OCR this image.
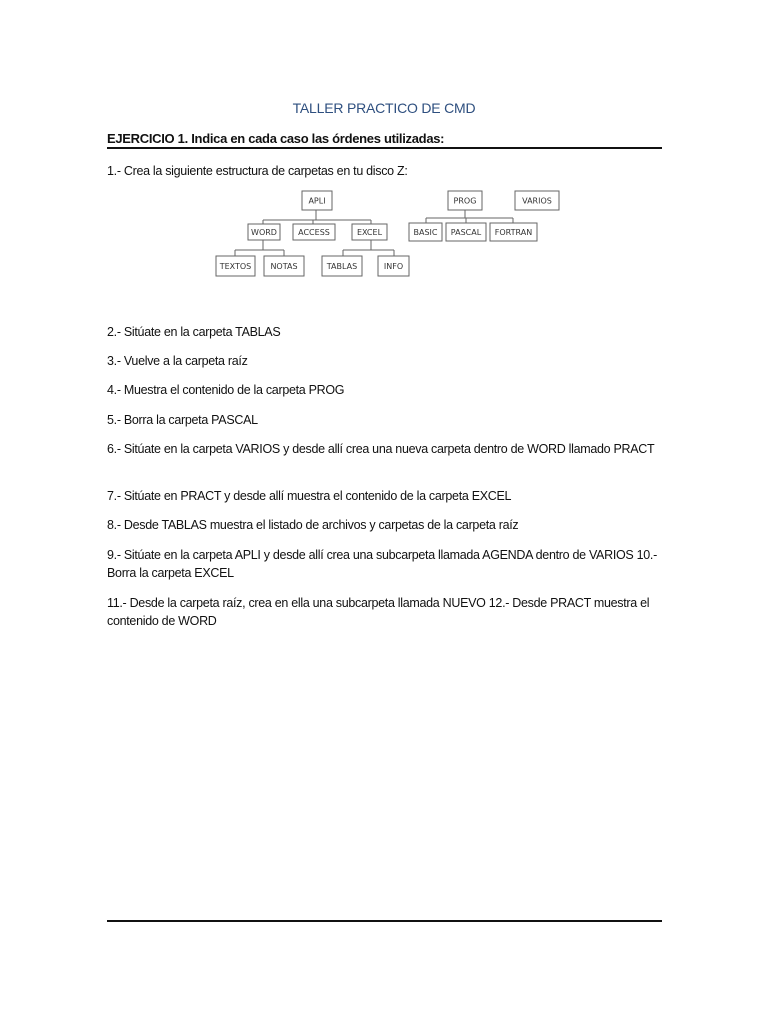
TALLER PRACTICO DE CMD
EJERCICIO 1. Indica en cada caso las órdenes utilizadas:
1.- Crea la siguiente estructura de carpetas en tu disco Z:
APLI	PROG	VARIOS
WORD	ACCESS	EXCEL	BASIC PASCAL FORTRAN
TEXTOS NOTAS	TABLAS	INFO
2.- Sitúate en la carpeta TABLAS
3.- Vuelve a la carpeta raíz
4.- Muestra el contenido de la carpeta PROG
5.- Borra la carpeta PASCAL
6.- Sitúate en la carpeta VARIOS y desde allí crea una nueva carpeta dentro de WORD llamado PRACT
7.- Sitúate en PRACT y desde allí muestra el contenido de la carpeta EXCEL
8.- Desde TABLAS muestra el listado de archivos y carpetas de la carpeta raíz
9.- Sitúate en la carpeta APLI y desde allí crea una subcarpeta llamada AGENDA dentro de VARIOS 10.- Borra la carpeta EXCEL
11.- Desde la carpeta raíz, crea en ella una subcarpeta llamada NUEVO 12.- Desde PRACT muestra el contenido de WORD
